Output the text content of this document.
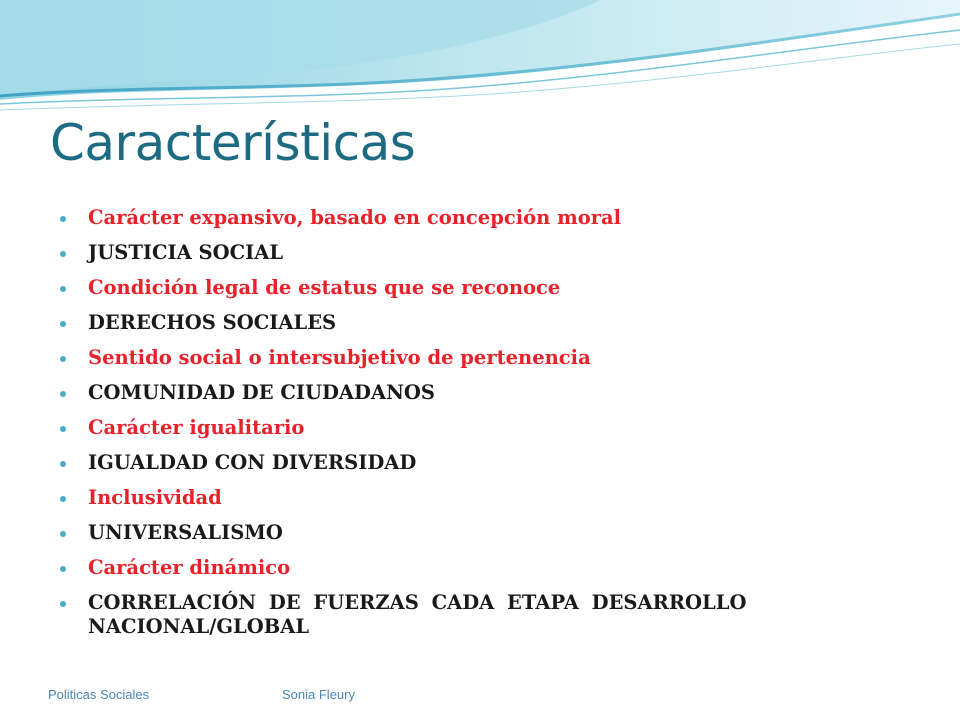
Características
Carácter expansivo, basado en concepción moral
JUSTICIA SOCIAL
Condición legal de estatus que se reconoce
DERECHOS SOCIALES
Sentido social o intersubjetivo de pertenencia
COMUNIDAD DE CIUDADANOS
Carácter igualitario
IGUALDAD CON DIVERSIDAD
Inclusividad
UNIVERSALISMO
Carácter dinámico
CORRELACIÓN DE FUERZAS CADA ETAPA DESARROLLO NACIONAL/GLOBAL
Politicas Sociales	Sonia Fleury
